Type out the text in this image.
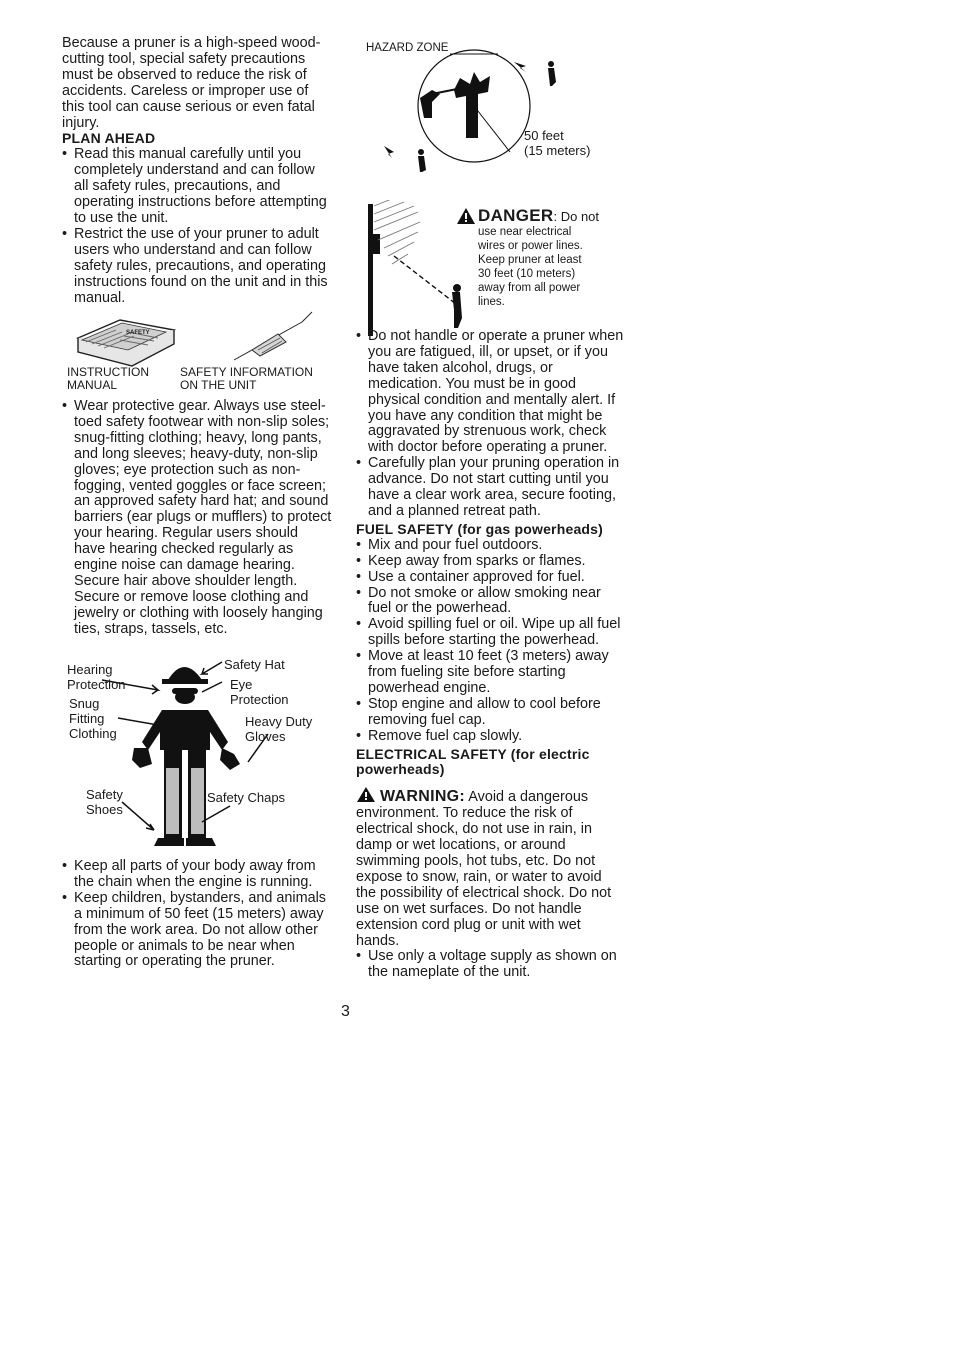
Because a pruner is a high-speed wood-cutting tool, special safety precautions must be observed to reduce the risk of accidents. Careless or improper use of this tool can cause serious or even fatal injury.

PLAN AHEAD

• Read this manual carefully until you completely understand and can follow all safety rules, precautions, and operating instructions before attempting to use the unit.
• Restrict the use of your pruner to adult users who understand and can follow safety rules, precautions, and operating instructions found on the unit and in this manual.
SAFETY
INSTRUCTION
MANUAL
SAFETY INFORMATION
ON THE UNIT
• Wear protective gear. Always use steel-toed safety footwear with non-slip soles; snug-fitting clothing; heavy, long pants, and long sleeves; heavy-duty, non-slip gloves; eye protection such as non-fogging, vented goggles or face screen; an approved safety hard hat; and sound barriers (ear plugs or mufflers) to protect your hearing. Regular users should have hearing checked regularly as engine noise can damage hearing. Secure hair above shoulder length. Secure or remove loose clothing and jewelry or clothing with loosely hanging ties, straps, tassels, etc.
Hearing
Protection
Snug
Fitting
Clothing
Safety Hat
Eye
Protection
Heavy Duty
Gloves
Safety
Shoes
Safety Chaps
• Keep all parts of your body away from the chain when the engine is running.
• Keep children, bystanders, and animals a minimum of 50 feet (15 meters) away from the work area. Do not allow other people or animals to be near when starting or operating the pruner.
HAZARD ZONE
50 feet
(15 meters)
DANGER: Do not
use near electrical
wires or power lines.
Keep pruner at least
30 feet (10 meters)
away from all power
lines.
• Do not handle or operate a pruner when you are fatigued, ill, or upset, or if you have taken alcohol, drugs, or medication. You must be in good physical condition and mentally alert. If you have any condition that might be aggravated by strenuous work, check with doctor before operating a pruner.
• Carefully plan your pruning operation in advance. Do not start cutting until you have a clear work area, secure footing, and a planned retreat path.

FUEL SAFETY (for gas powerheads)

• Mix and pour fuel outdoors.
• Keep away from sparks or flames.
• Use a container approved for fuel.
• Do not smoke or allow smoking near fuel or the powerhead.
• Avoid spilling fuel or oil. Wipe up all fuel spills before starting the powerhead.
• Move at least 10 feet (3 meters) away from fueling site before starting powerhead engine.
• Stop engine and allow to cool before removing fuel cap.
• Remove fuel cap slowly.

ELECTRICAL SAFETY (for electric powerheads)

WARNING: Avoid a dangerous environment. To reduce the risk of electrical shock, do not use in rain, in damp or wet locations, or around swimming pools, hot tubs, etc. Do not expose to snow, rain, or water to avoid the possibility of electrical shock. Do not use on wet surfaces. Do not handle extension cord plug or unit with wet hands.

• Use only a voltage supply as shown on the nameplate of the unit.
3
